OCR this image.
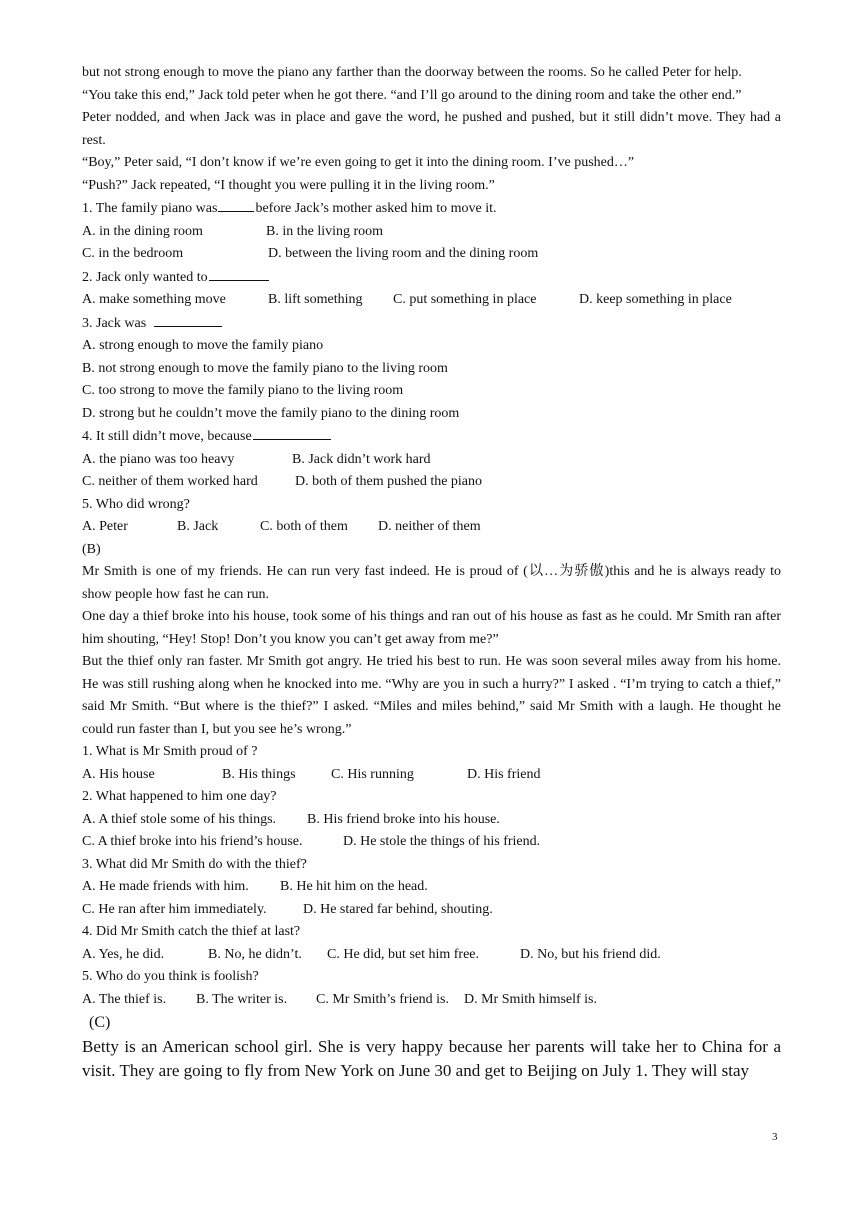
but not strong enough to move the piano any farther than the doorway between the rooms. So he called Peter for help.

“You take this end,” Jack told peter when he got there. “and I’ll go around to the dining room and take the other end.”

Peter nodded, and when Jack was in place and gave the word, he pushed and pushed, but it still didn’t move. They had a rest.

“Boy,” Peter said, “I don’t know if we’re even going to get it into the dining room. I’ve pushed…”

“Push?” Jack repeated, “I thought you were pulling it in the living room.”

1. The family piano was	before Jack’s mother asked him to move it.

A. in the dining room	B. in the living room

C. in the bedroom	D. between the living room and the dining room

2. Jack only wanted to

A. make something move	B. lift something C. put something in place	D. keep something in place

3. Jack was

A. strong enough to move the family piano

B. not strong enough to move the family piano to the living room

C. too strong to move the family piano to the living room

D. strong but he couldn’t move the family piano to the dining room

4. It still didn’t move, because

A. the piano was too heavy	B. Jack didn’t work hard

C. neither of them worked hard	D. both of them pushed the piano

5. Who did wrong?

A. Peter	B. Jack	C. both of them D. neither of them

(B)

Mr Smith is one of my friends. He can run very fast indeed. He is proud of (以…为骄傲)this and he is always ready to show people how fast he can run.

One day a thief broke into his house, took some of his things and ran out of his house as fast as he could. Mr Smith ran after him shouting, “Hey! Stop! Don’t you know you can’t get away from me?”

But the thief only ran faster. Mr Smith got angry. He tried his best to run. He was soon several miles away from his home. He was still rushing along when he knocked into me. “Why are you in such a hurry?” I asked . “I’m trying to catch a thief,” said Mr Smith. “But where is the thief?” I asked. “Miles and miles behind,” said Mr Smith with a laugh. He thought he could run faster than I, but you see he’s wrong.”

1. What is Mr Smith proud of ?

A. His house	B. His things	C. His running	D. His friend

2. What happened to him one day?

A. A thief stole some of his things. B. His friend broke into his house.

C. A thief broke into his friend’s house.	D. He stole the things of his friend.

3. What did Mr Smith do with the thief?

A. He made friends with him. B. He hit him on the head.

C. He ran after him immediately.	D. He stared far behind, shouting.

4. Did Mr Smith catch the thief at last?

A. Yes, he did.	B. No, he didn’t. C. He did, but set him free.	D. No, but his friend did.

5. Who do you think is foolish?

A. The thief is. B. The writer is. C. Mr Smith’s friend is. D. Mr Smith himself is.

(C)

Betty is an American school girl. She is very happy because her parents will take her to China for a visit. They are going to fly from New York on June 30 and get to Beijing on July 1. They will stay

3
